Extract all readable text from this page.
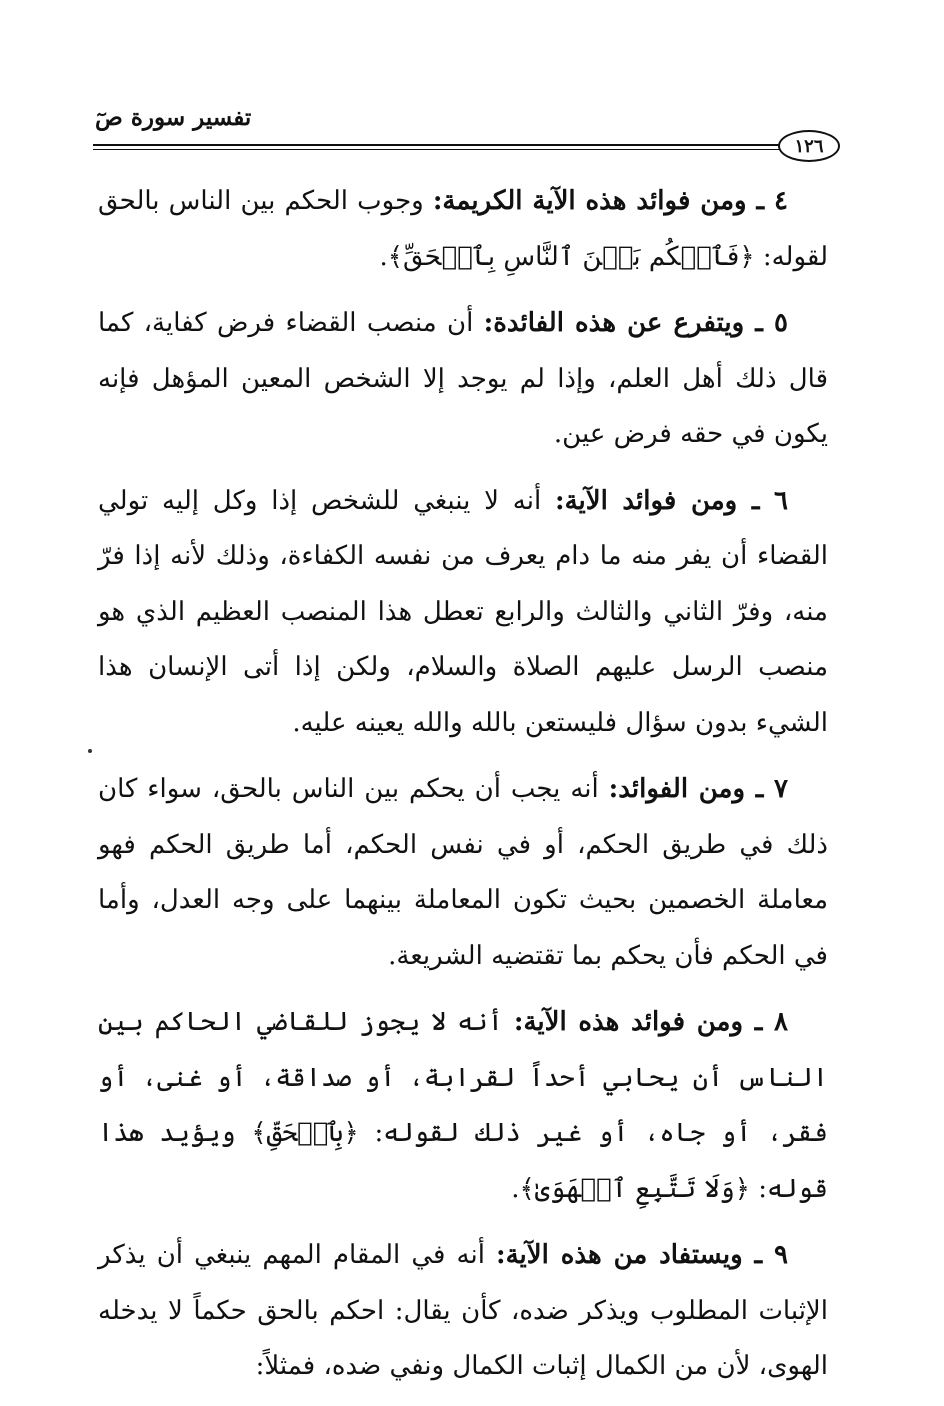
تفسير سورة صٓ
١٢٦

٤ ـ ومن فوائد هذه الآية الكريمة: وجوب الحكم بين الناس بالحق لقوله: ﴿فَٱحۡكُم بَيۡنَ ٱلنَّاسِ بِٱلۡحَقِّ﴾.

٥ ـ ويتفرع عن هذه الفائدة: أن منصب القضاء فرض كفاية، كما قال ذلك أهل العلم، وإذا لم يوجد إلا الشخص المعين المؤهل فإنه يكون في حقه فرض عين.

٦ ـ ومن فوائد الآية: أنه لا ينبغي للشخص إذا وكل إليه تولي القضاء أن يفر منه ما دام يعرف من نفسه الكفاءة، وذلك لأنه إذا فرّ منه، وفرّ الثاني والثالث والرابع تعطل هذا المنصب العظيم الذي هو منصب الرسل عليهم الصلاة والسلام، ولكن إذا أتى الإنسان هذا الشيء بدون سؤال فليستعن بالله والله يعينه عليه.

٧ ـ ومن الفوائد: أنه يجب أن يحكم بين الناس بالحق، سواء كان ذلك في طريق الحكم، أو في نفس الحكم، أما طريق الحكم فهو معاملة الخصمين بحيث تكون المعاملة بينهما على وجه العدل، وأما في الحكم فأن يحكم بما تقتضيه الشريعة.

٨ ـ ومن فوائد هذه الآية: أنه لا يجوز للقاضي الحاكم بين الناس أن يحابي أحداً لقرابة، أو صداقة، أو غنى، أو فقر، أو جاه، أو غير ذلك لقوله: ﴿بِٱلۡحَقِّ﴾ ويؤيد هذا قوله: ﴿وَلَا تَتَّبِعِ ٱلۡهَوَىٰ﴾.

٩ ـ ويستفاد من هذه الآية: أنه في المقام المهم ينبغي أن يذكر الإثبات المطلوب ويذكر ضده، كأن يقال: احكم بالحق حكماً لا يدخله الهوى، لأن من الكمال إثبات الكمال ونفي ضده، فمثلاً:
